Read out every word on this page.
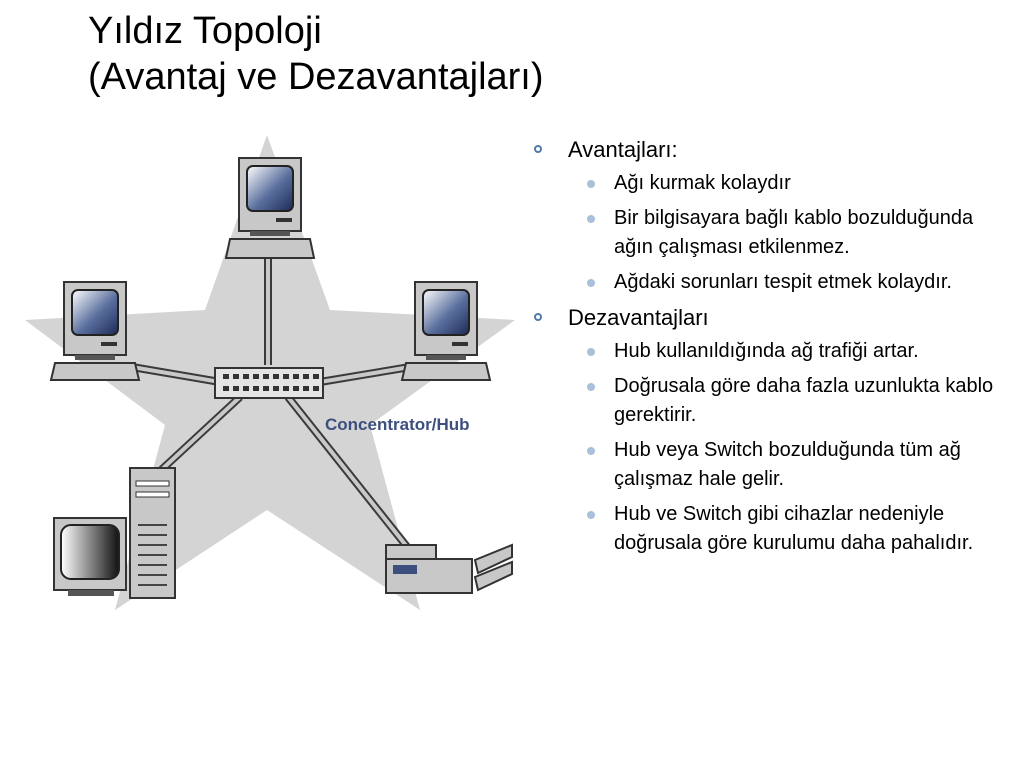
Yıldız Topoloji
(Avantaj ve Dezavantajları)
Concentrator/Hub
Avantajları:
Ağı kurmak kolaydır
Bir bilgisayara bağlı kablo bozulduğunda ağın çalışması etkilenmez.
Ağdaki sorunları tespit etmek kolaydır.
Dezavantajları
Hub kullanıldığında ağ trafiği artar.
Doğrusala göre daha fazla uzunlukta kablo gerektirir.
Hub veya Switch bozulduğunda tüm ağ çalışmaz hale gelir.
Hub ve Switch gibi cihazlar nedeniyle doğrusala göre kurulumu daha pahalıdır.
